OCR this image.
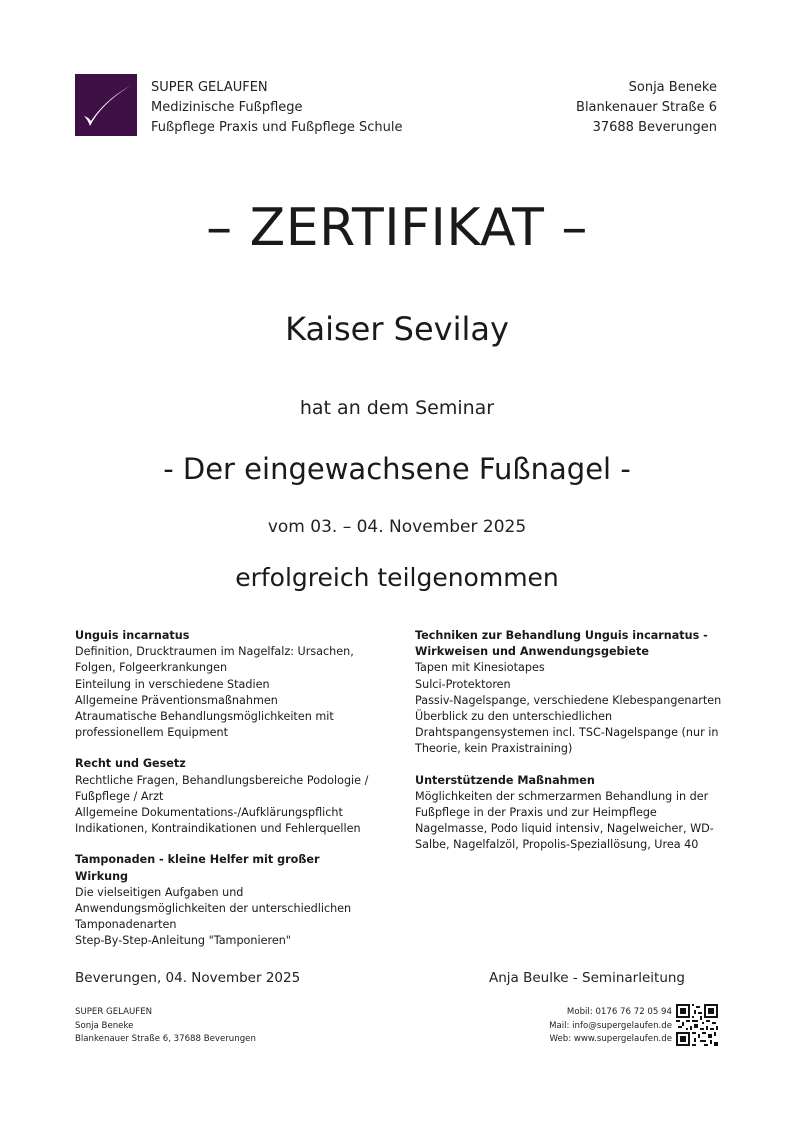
SUPER GELAUFEN
Medizinische Fußpflege
Fußpflege Praxis und Fußpflege Schule
Sonja Beneke
Blankenauer Straße 6
37688 Beverungen
– ZERTIFIKAT –
Kaiser Sevilay
hat an dem Seminar
- Der eingewachsene Fußnagel -
vom 03. – 04. November 2025
erfolgreich teilgenommen
Unguis incarnatus
Definition, Drucktraumen im Nagelfalz: Ursachen,
Folgen, Folgeerkrankungen
Einteilung in verschiedene Stadien
Allgemeine Präventionsmaßnahmen
Atraumatische Behandlungsmöglichkeiten mit
professionellem Equipment
Recht und Gesetz
Rechtliche Fragen, Behandlungsbereiche Podologie /
Fußpflege / Arzt
Allgemeine Dokumentations-/Aufklärungspflicht
Indikationen, Kontraindikationen und Fehlerquellen
Tamponaden - kleine Helfer mit großer Wirkung
Die vielseitigen Aufgaben und
Anwendungsmöglichkeiten der unterschiedlichen
Tamponadenarten
Step-By-Step-Anleitung "Tamponieren"
Techniken zur Behandlung Unguis incarnatus -
Wirkweisen und Anwendungsgebiete
Tapen mit Kinesiotapes
Sulci-Protektoren
Passiv-Nagelspange, verschiedene Klebespangenarten
Überblick zu den unterschiedlichen
Drahtspangensystemen incl. TSC-Nagelspange (nur in
Theorie, kein Praxistraining)
Unterstützende Maßnahmen
Möglichkeiten der schmerzarmen Behandlung in der
Fußpflege in der Praxis und zur Heimpflege
Nagelmasse, Podo liquid intensiv, Nagelweicher, WD-
Salbe, Nagelfalzöl, Propolis-Speziallösung, Urea 40
Beverungen, 04. November 2025	Anja Beulke - Seminarleitung
SUPER GELAUFEN
Sonja Beneke
Blankenauer Straße 6, 37688 Beverungen
Mobil: 0176 76 72 05 94
Mail: info@supergelaufen.de
Web: www.supergelaufen.de
